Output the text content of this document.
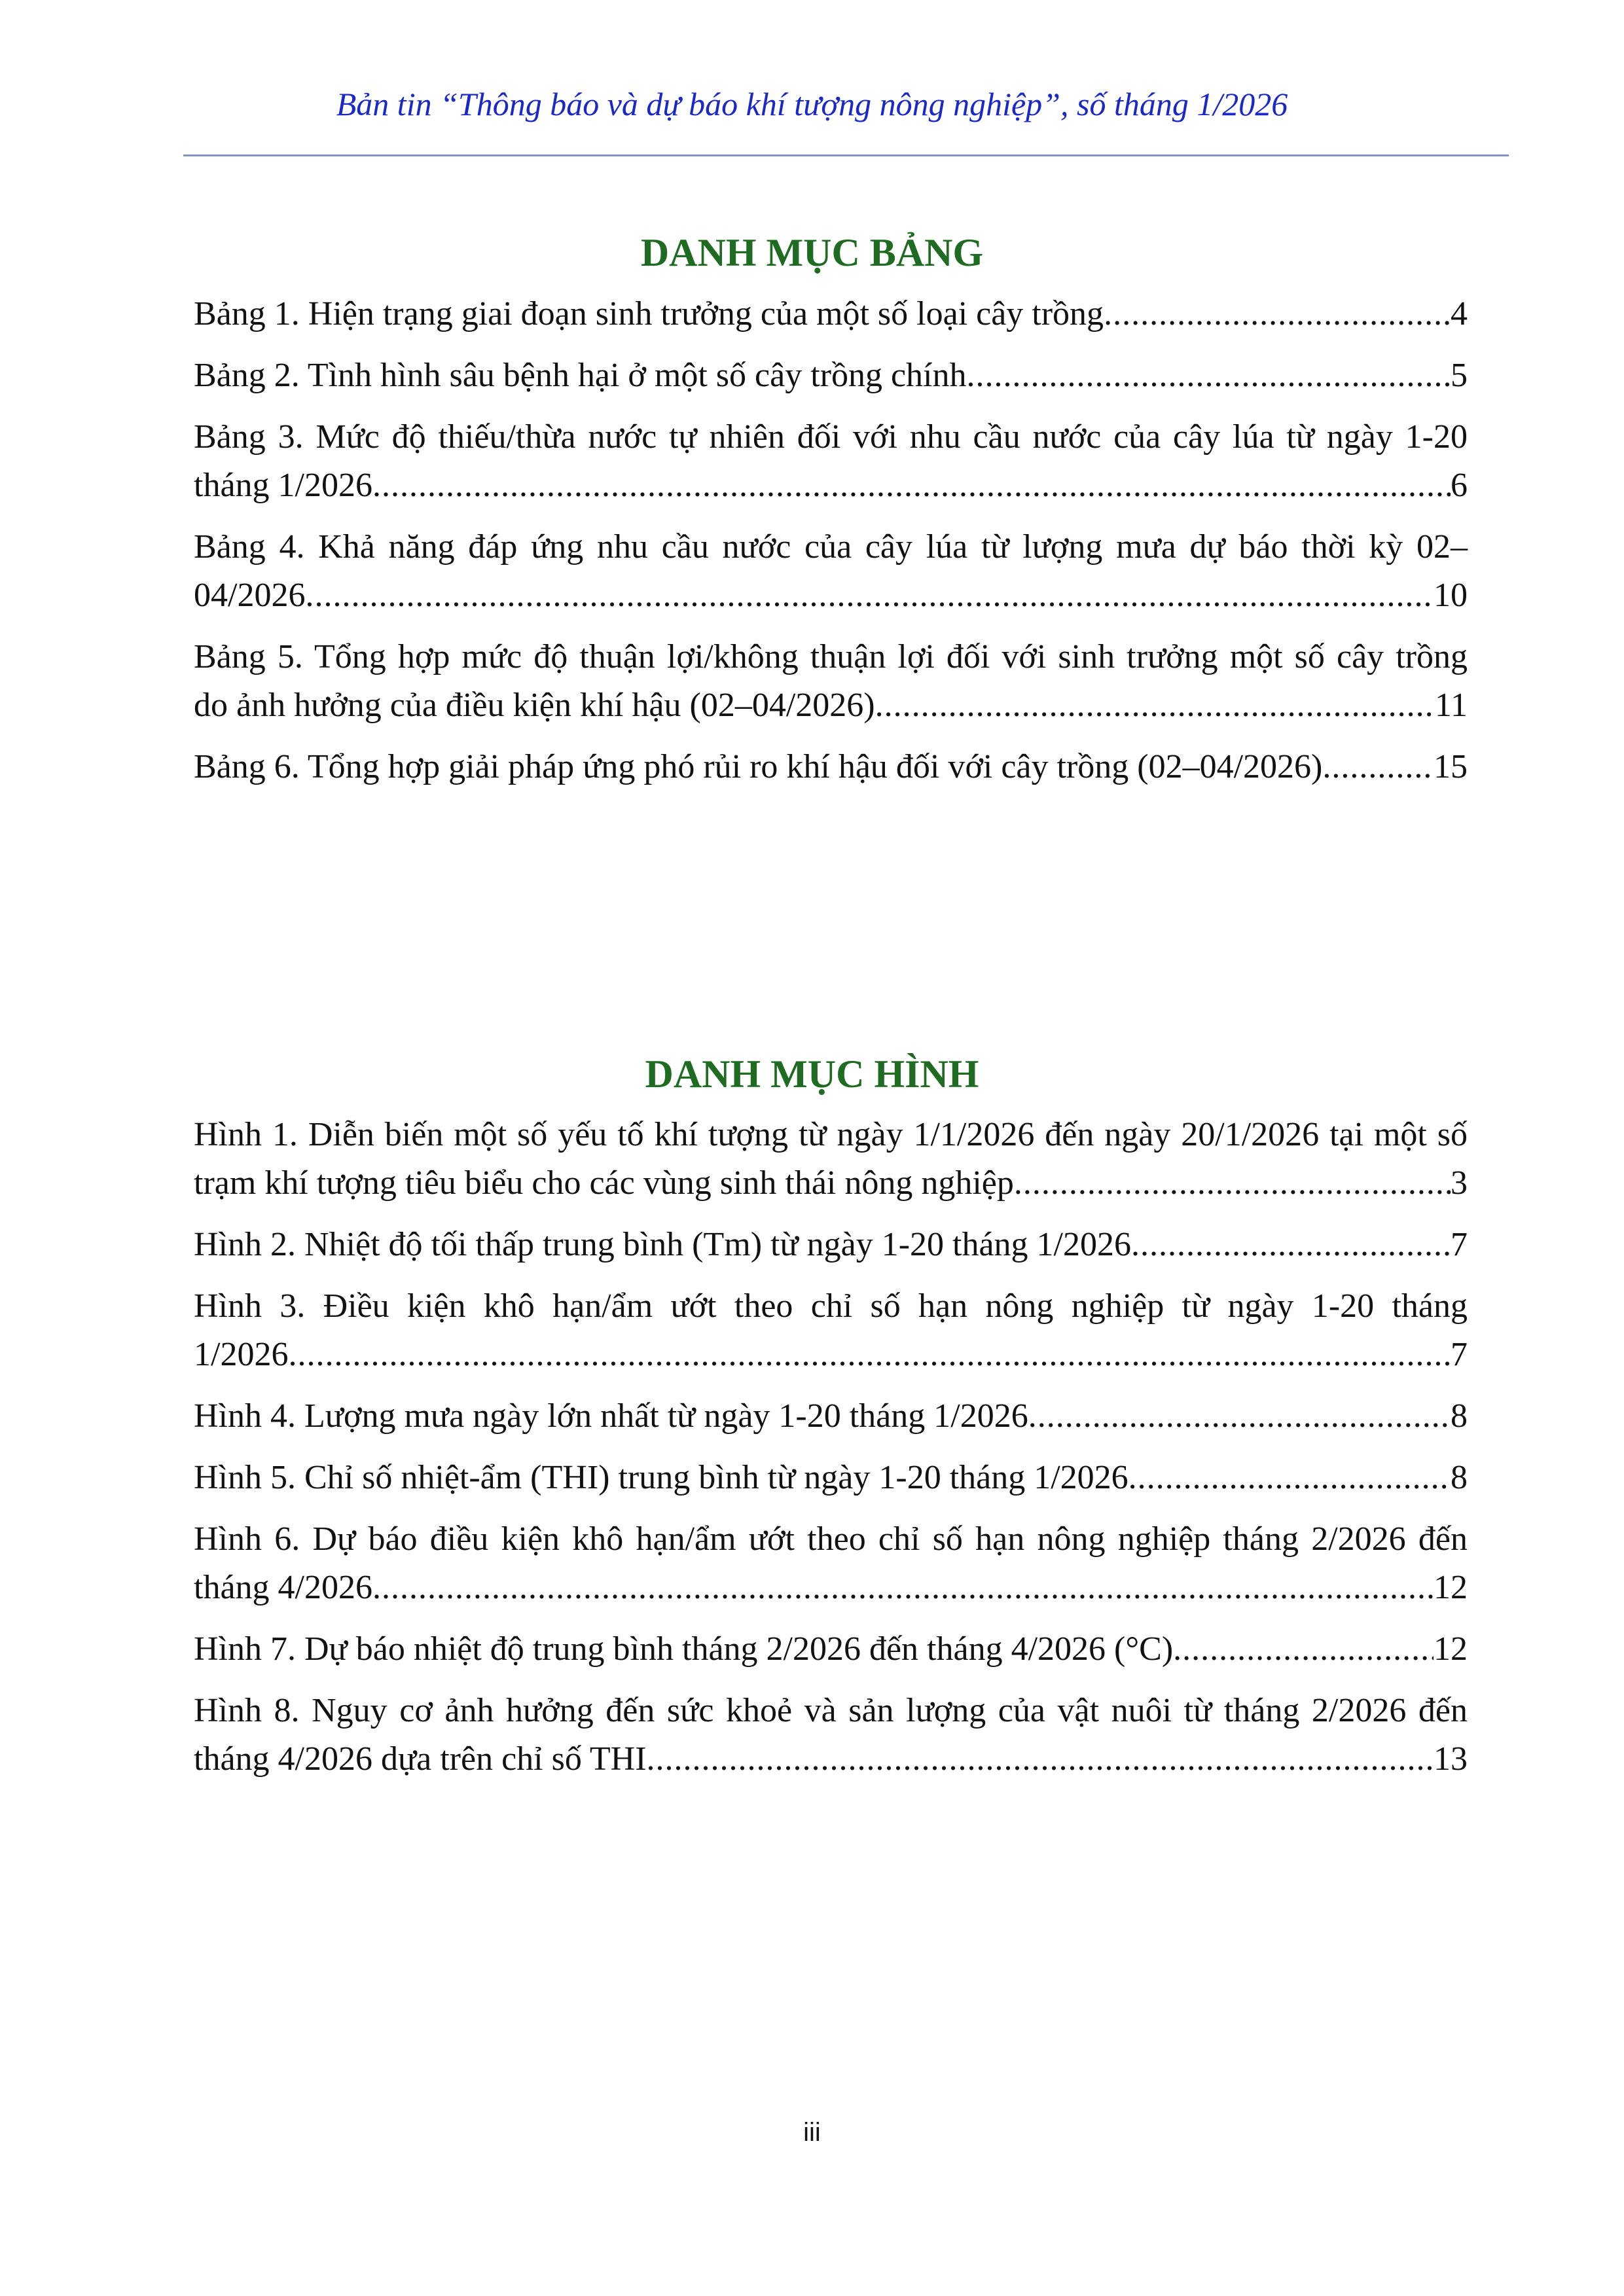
Bản tin “Thông báo và dự báo khí tượng nông nghiệp”, số tháng 1/2026
DANH MỤC BẢNG
Bảng 1. Hiện trạng giai đoạn sinh trưởng của một số loại cây trồng .....	4
Bảng 2. Tình hình sâu bệnh hại ở một số cây trồng chính .....	5
Bảng 3. Mức độ thiếu/thừa nước tự nhiên đối với nhu cầu nước của cây lúa từ ngày 1-20
tháng 1/2026 .....	6
Bảng 4. Khả năng đáp ứng nhu cầu nước của cây lúa từ lượng mưa dự báo thời kỳ 02–
04/2026 .....	10
Bảng 5. Tổng hợp mức độ thuận lợi/không thuận lợi đối với sinh trưởng một số cây trồng
do ảnh hưởng của điều kiện khí hậu (02–04/2026) .....	11
Bảng 6. Tổng hợp giải pháp ứng phó rủi ro khí hậu đối với cây trồng (02–04/2026) .....	15
DANH MỤC HÌNH
Hình 1. Diễn biến một số yếu tố khí tượng từ ngày 1/1/2026 đến ngày 20/1/2026 tại một số
trạm khí tượng tiêu biểu cho các vùng sinh thái nông nghiệp .....	3
Hình 2. Nhiệt độ tối thấp trung bình (Tm) từ ngày 1-20 tháng 1/2026 .....	7
Hình 3. Điều kiện khô hạn/ẩm ướt theo chỉ số hạn nông nghiệp từ ngày 1-20 tháng
1/2026 .....	7
Hình 4. Lượng mưa ngày lớn nhất từ ngày 1-20 tháng 1/2026 .....	8
Hình 5. Chỉ số nhiệt-ẩm (THI) trung bình từ ngày 1-20 tháng 1/2026 .....	8
Hình 6. Dự báo điều kiện khô hạn/ẩm ướt theo chỉ số hạn nông nghiệp tháng 2/2026 đến
tháng 4/2026 .....	12
Hình 7. Dự báo nhiệt độ trung bình tháng 2/2026 đến tháng 4/2026 (°C) .....	12
Hình 8. Nguy cơ ảnh hưởng đến sức khoẻ và sản lượng của vật nuôi từ tháng 2/2026 đến
tháng 4/2026 dựa trên chỉ số THI .....	13
iii
